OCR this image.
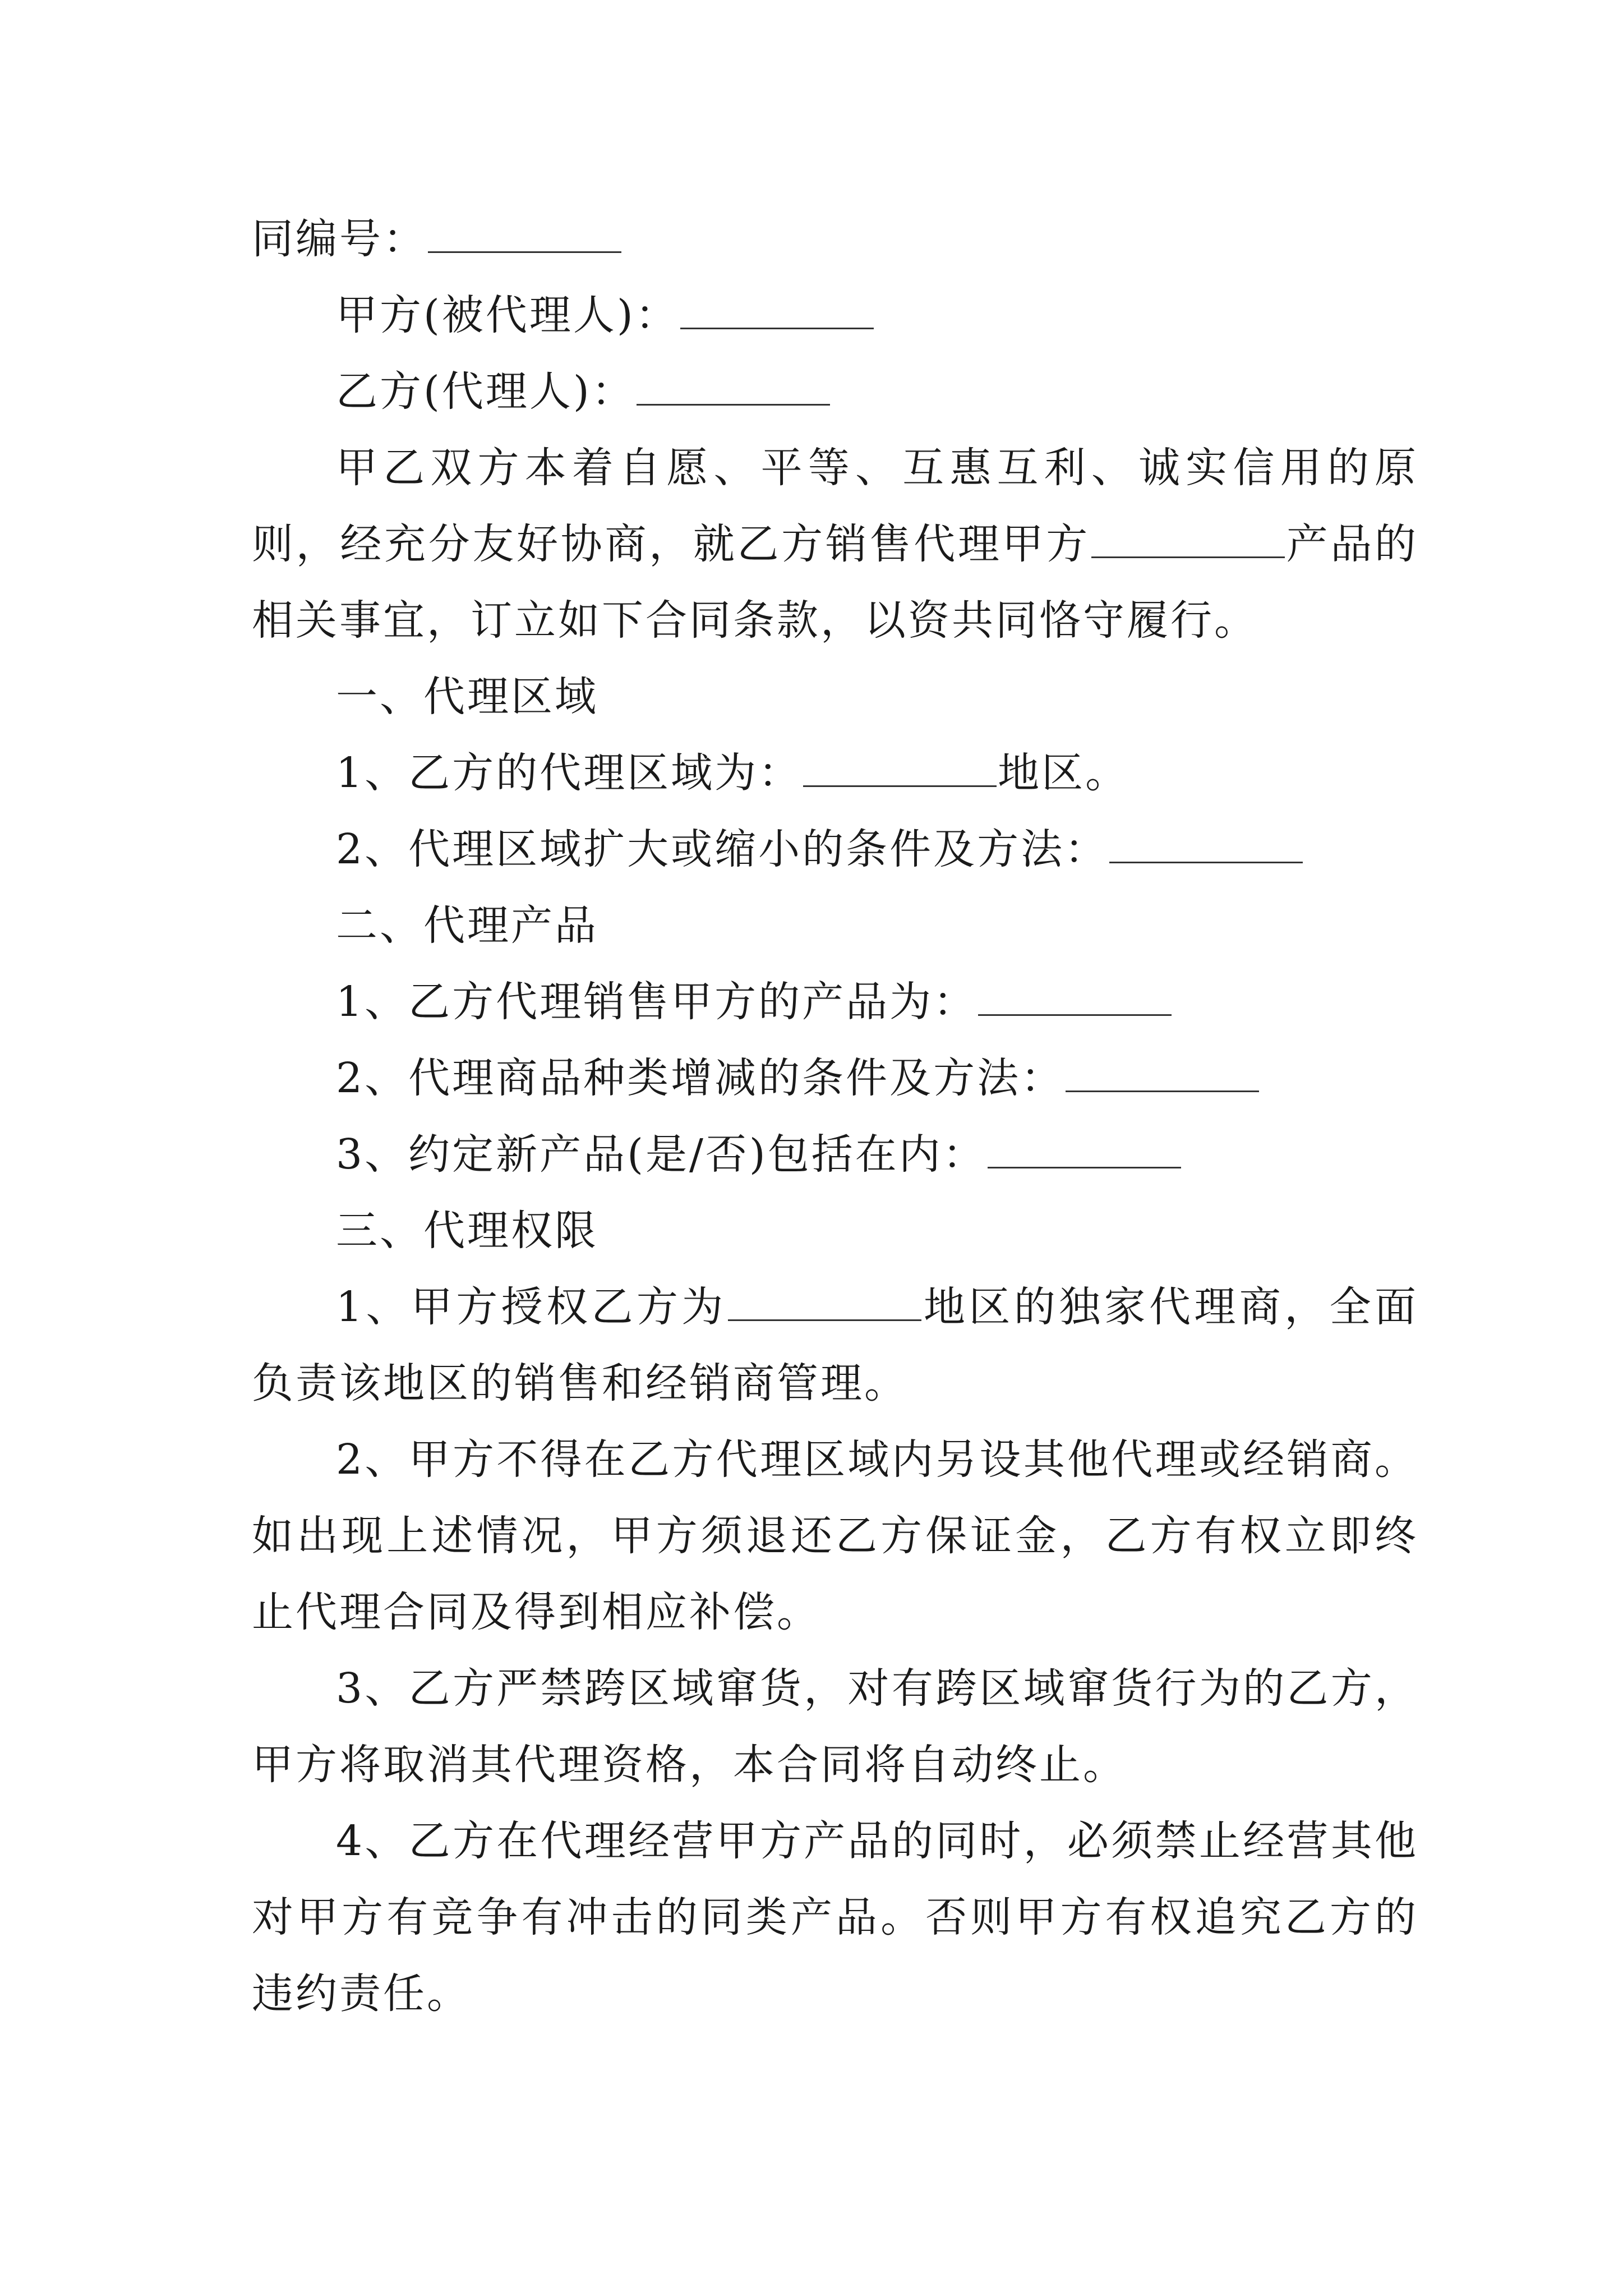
同编号：

甲方(被代理人)：

乙方(代理人)：

甲乙双方本着自愿、平等、互惠互利、诚实信用的原则，经充分友好协商，就乙方销售代理甲方	产品的相关事宜，订立如下合同条款，以资共同恪守履行。

一、代理区域

1、乙方的代理区域为：	地区。

2、代理区域扩大或缩小的条件及方法：

二、代理产品

1、乙方代理销售甲方的产品为：

2、代理商品种类增减的条件及方法：

3、约定新产品(是/否)包括在内：

三、代理权限

1、甲方授权乙方为	地区的独家代理商，全面负责该地区的销售和经销商管理。

2、甲方不得在乙方代理区域内另设其他代理或经销商。如出现上述情况，甲方须退还乙方保证金，乙方有权立即终止代理合同及得到相应补偿。

3、乙方严禁跨区域窜货，对有跨区域窜货行为的乙方，甲方将取消其代理资格，本合同将自动终止。

4、乙方在代理经营甲方产品的同时，必须禁止经营其他对甲方有竞争有冲击的同类产品。否则甲方有权追究乙方的违约责任。
